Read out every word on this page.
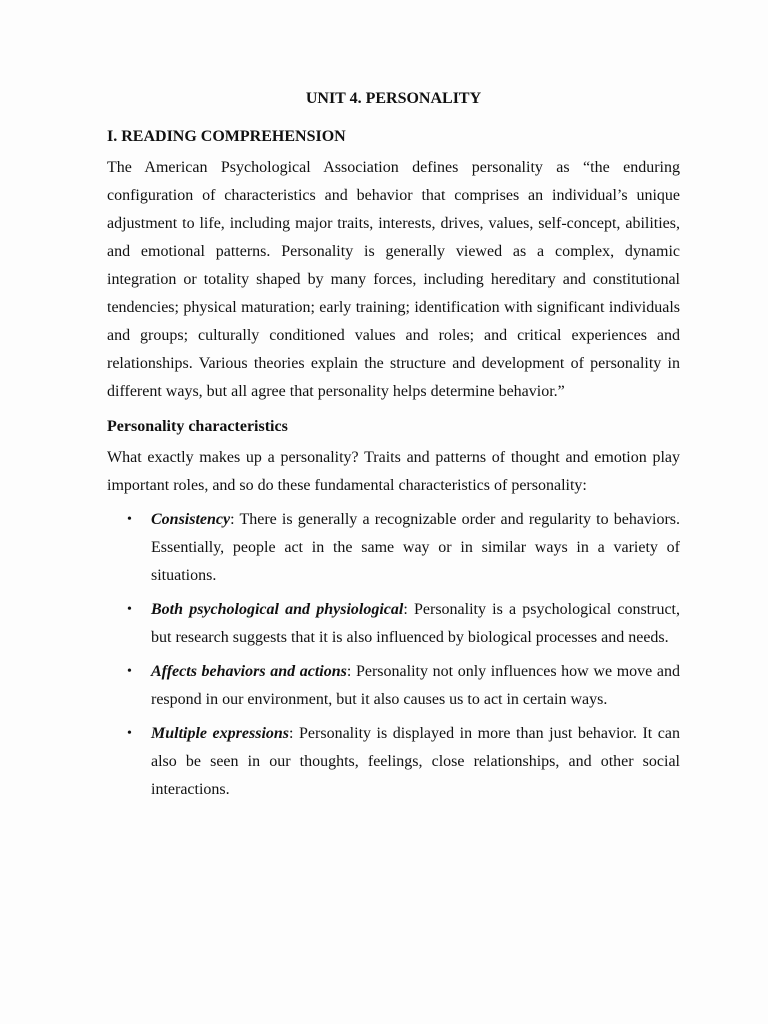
UNIT 4. PERSONALITY
I. READING COMPREHENSION

The American Psychological Association defines personality as “the enduring configuration of characteristics and behavior that comprises an individual’s unique adjustment to life, including major traits, interests, drives, values, self-concept, abilities, and emotional patterns. Personality is generally viewed as a complex, dynamic integration or totality shaped by many forces, including hereditary and constitutional tendencies; physical maturation; early training; identification with significant individuals and groups; culturally conditioned values and roles; and critical experiences and relationships. Various theories explain the structure and development of personality in different ways, but all agree that personality helps determine behavior.”

Personality characteristics

What exactly makes up a personality? Traits and patterns of thought and emotion play important roles, and so do these fundamental characteristics of personality:

• Consistency: There is generally a recognizable order and regularity to behaviors. Essentially, people act in the same way or in similar ways in a variety of situations.
• Both psychological and physiological: Personality is a psychological construct, but research suggests that it is also influenced by biological processes and needs.
• Affects behaviors and actions: Personality not only influences how we move and respond in our environment, but it also causes us to act in certain ways.
• Multiple expressions: Personality is displayed in more than just behavior. It can also be seen in our thoughts, feelings, close relationships, and other social interactions.
